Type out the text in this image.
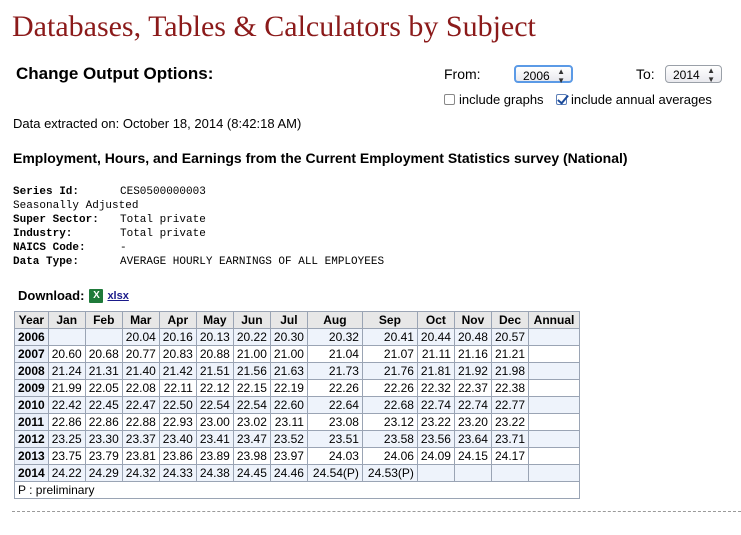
Databases, Tables & Calculators by Subject
Change Output Options:	From:	2006 ▲
▼	To:	2014 ▲
▼
include graphs include annual averages
Data extracted on: October 18, 2014 (8:42:18 AM)
Employment, Hours, and Earnings from the Current Employment Statistics survey (National)
Series Id:	CES0500000003
Seasonally Adjusted
Super Sector:	Total private
Industry:	Total private
NAICS Code:	-
Data Type:	AVERAGE HOURLY EARNINGS OF ALL EMPLOYEES
Download: X xlsx
Year	Jan	Feb	Mar	Apr	May	Jun	Jul	Aug	Sep	Oct	Nov	Dec	Annual
2006			20.04	20.16	20.13	20.22	20.30	20.32	20.41	20.44	20.48	20.57	
2007	20.60	20.68	20.77	20.83	20.88	21.00	21.00	21.04	21.07	21.11	21.16	21.21	
2008	21.24	21.31	21.40	21.42	21.51	21.56	21.63	21.73	21.76	21.81	21.92	21.98	
2009	21.99	22.05	22.08	22.11	22.12	22.15	22.19	22.26	22.26	22.32	22.37	22.38	
2010	22.42	22.45	22.47	22.50	22.54	22.54	22.60	22.64	22.68	22.74	22.74	22.77	
2011	22.86	22.86	22.88	22.93	23.00	23.02	23.11	23.08	23.12	23.22	23.20	23.22	
2012	23.25	23.30	23.37	23.40	23.41	23.47	23.52	23.51	23.58	23.56	23.64	23.71	
2013	23.75	23.79	23.81	23.86	23.89	23.98	23.97	24.03	24.06	24.09	24.15	24.17	
2014	24.22	24.29	24.32	24.33	24.38	24.45	24.46	24.54(P)	24.53(P)				
P : preliminary													
